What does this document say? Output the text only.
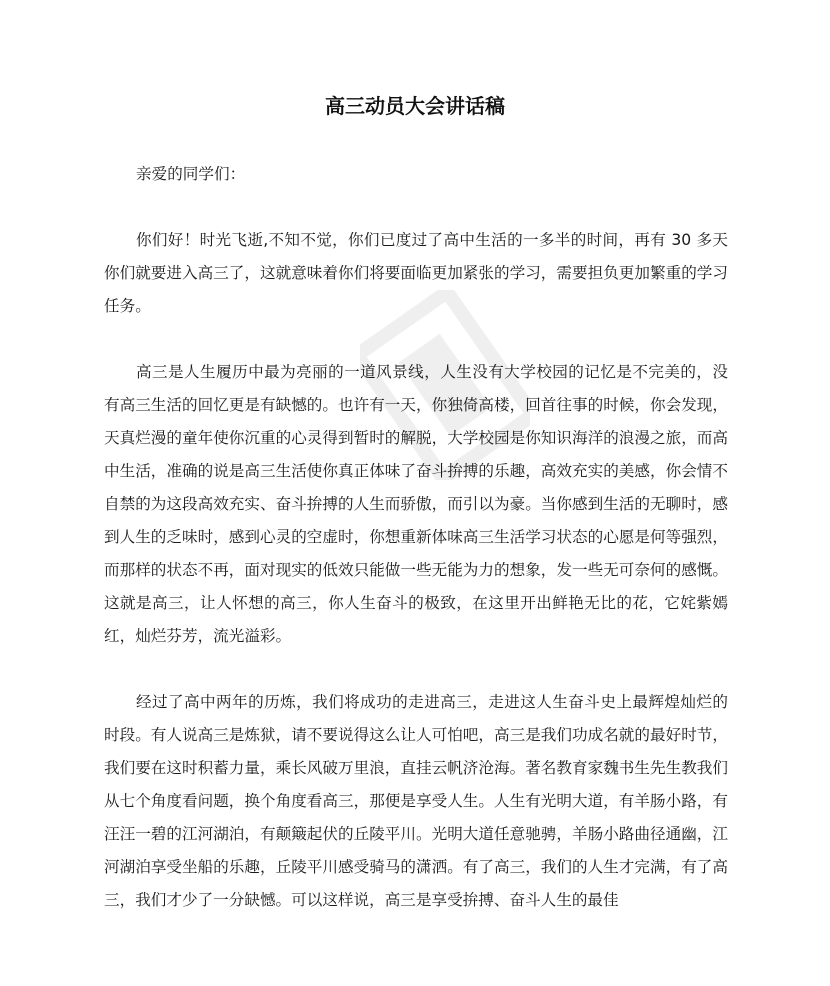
高三动员大会讲话稿

亲爱的同学们：

你们好！时光飞逝,不知不觉，你们已度过了高中生活的一多半的时间，再有 30 多天你们就要进入高三了，这就意味着你们将要面临更加紧张的学习，需要担负更加繁重的学习任务。

高三是人生履历中最为亮丽的一道风景线，人生没有大学校园的记忆是不完美的，没有高三生活的回忆更是有缺憾的。也许有一天，你独倚高楼，回首往事的时候，你会发现，天真烂漫的童年使你沉重的心灵得到暂时的解脱，大学校园是你知识海洋的浪漫之旅，而高中生活，准确的说是高三生活使你真正体味了奋斗拚搏的乐趣，高效充实的美感，你会情不自禁的为这段高效充实、奋斗拚搏的人生而骄傲，而引以为豪。当你感到生活的无聊时，感到人生的乏味时，感到心灵的空虚时，你想重新体味高三生活学习状态的心愿是何等强烈，而那样的状态不再，面对现实的低效只能做一些无能为力的想象，发一些无可奈何的感慨。这就是高三，让人怀想的高三，你人生奋斗的极致，在这里开出鲜艳无比的花，它姹紫嫣红，灿烂芬芳，流光溢彩。

经过了高中两年的历炼，我们将成功的走进高三，走进这人生奋斗史上最辉煌灿烂的时段。有人说高三是炼狱，请不要说得这么让人可怕吧，高三是我们功成名就的最好时节，我们要在这时积蓄力量，乘长风破万里浪，直挂云帆济沧海。著名教育家魏书生先生教我们从七个角度看问题，换个角度看高三，那便是享受人生。人生有光明大道，有羊肠小路，有汪汪一碧的江河湖泊，有颠簸起伏的丘陵平川。光明大道任意驰骋，羊肠小路曲径通幽，江河湖泊享受坐船的乐趣，丘陵平川感受骑马的潇洒。有了高三，我们的人生才完满，有了高三，我们才少了一分缺憾。可以这样说，高三是享受拚搏、奋斗人生的最佳
